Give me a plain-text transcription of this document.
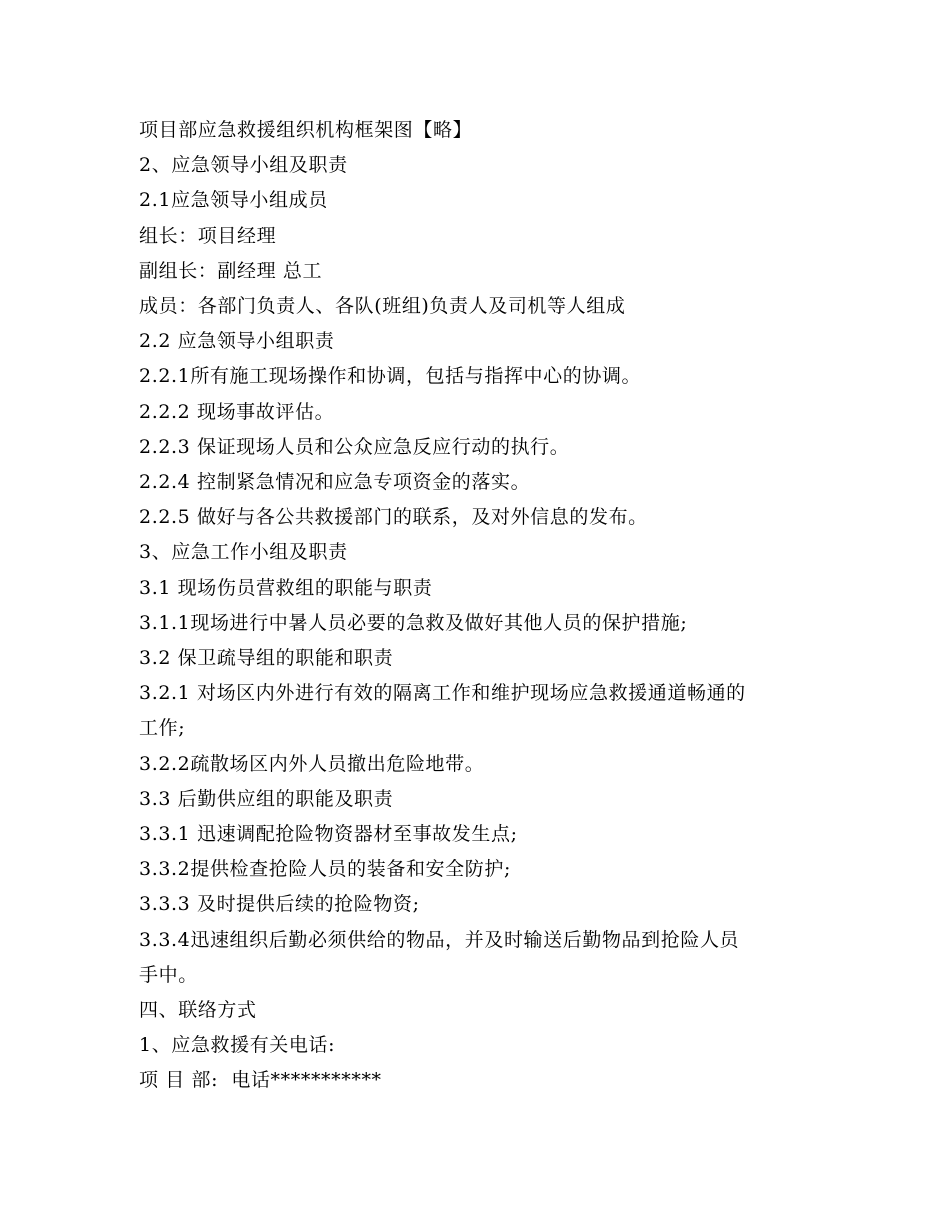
项目部应急救援组织机构框架图【略】

2、应急领导小组及职责

2.1应急领导小组成员

组长：项目经理

副组长：副经理 总工

成员：各部门负责人、各队(班组)负责人及司机等人组成

2.2 应急领导小组职责

2.2.1所有施工现场操作和协调，包括与指挥中心的协调。

2.2.2 现场事故评估。

2.2.3 保证现场人员和公众应急反应行动的执行。

2.2.4 控制紧急情况和应急专项资金的落实。

2.2.5 做好与各公共救援部门的联系，及对外信息的发布。

3、应急工作小组及职责

3.1 现场伤员营救组的职能与职责

3.1.1现场进行中暑人员必要的急救及做好其他人员的保护措施;

3.2 保卫疏导组的职能和职责

3.2.1 对场区内外进行有效的隔离工作和维护现场应急救援通道畅通的

工作;

3.2.2疏散场区内外人员撤出危险地带。

3.3 后勤供应组的职能及职责

3.3.1 迅速调配抢险物资器材至事故发生点;

3.3.2提供检查抢险人员的装备和安全防护;

3.3.3 及时提供后续的抢险物资;

3.3.4迅速组织后勤必须供给的物品，并及时输送后勤物品到抢险人员

手中。

四、联络方式

1、应急救援有关电话:

项 目 部:  电话***********
